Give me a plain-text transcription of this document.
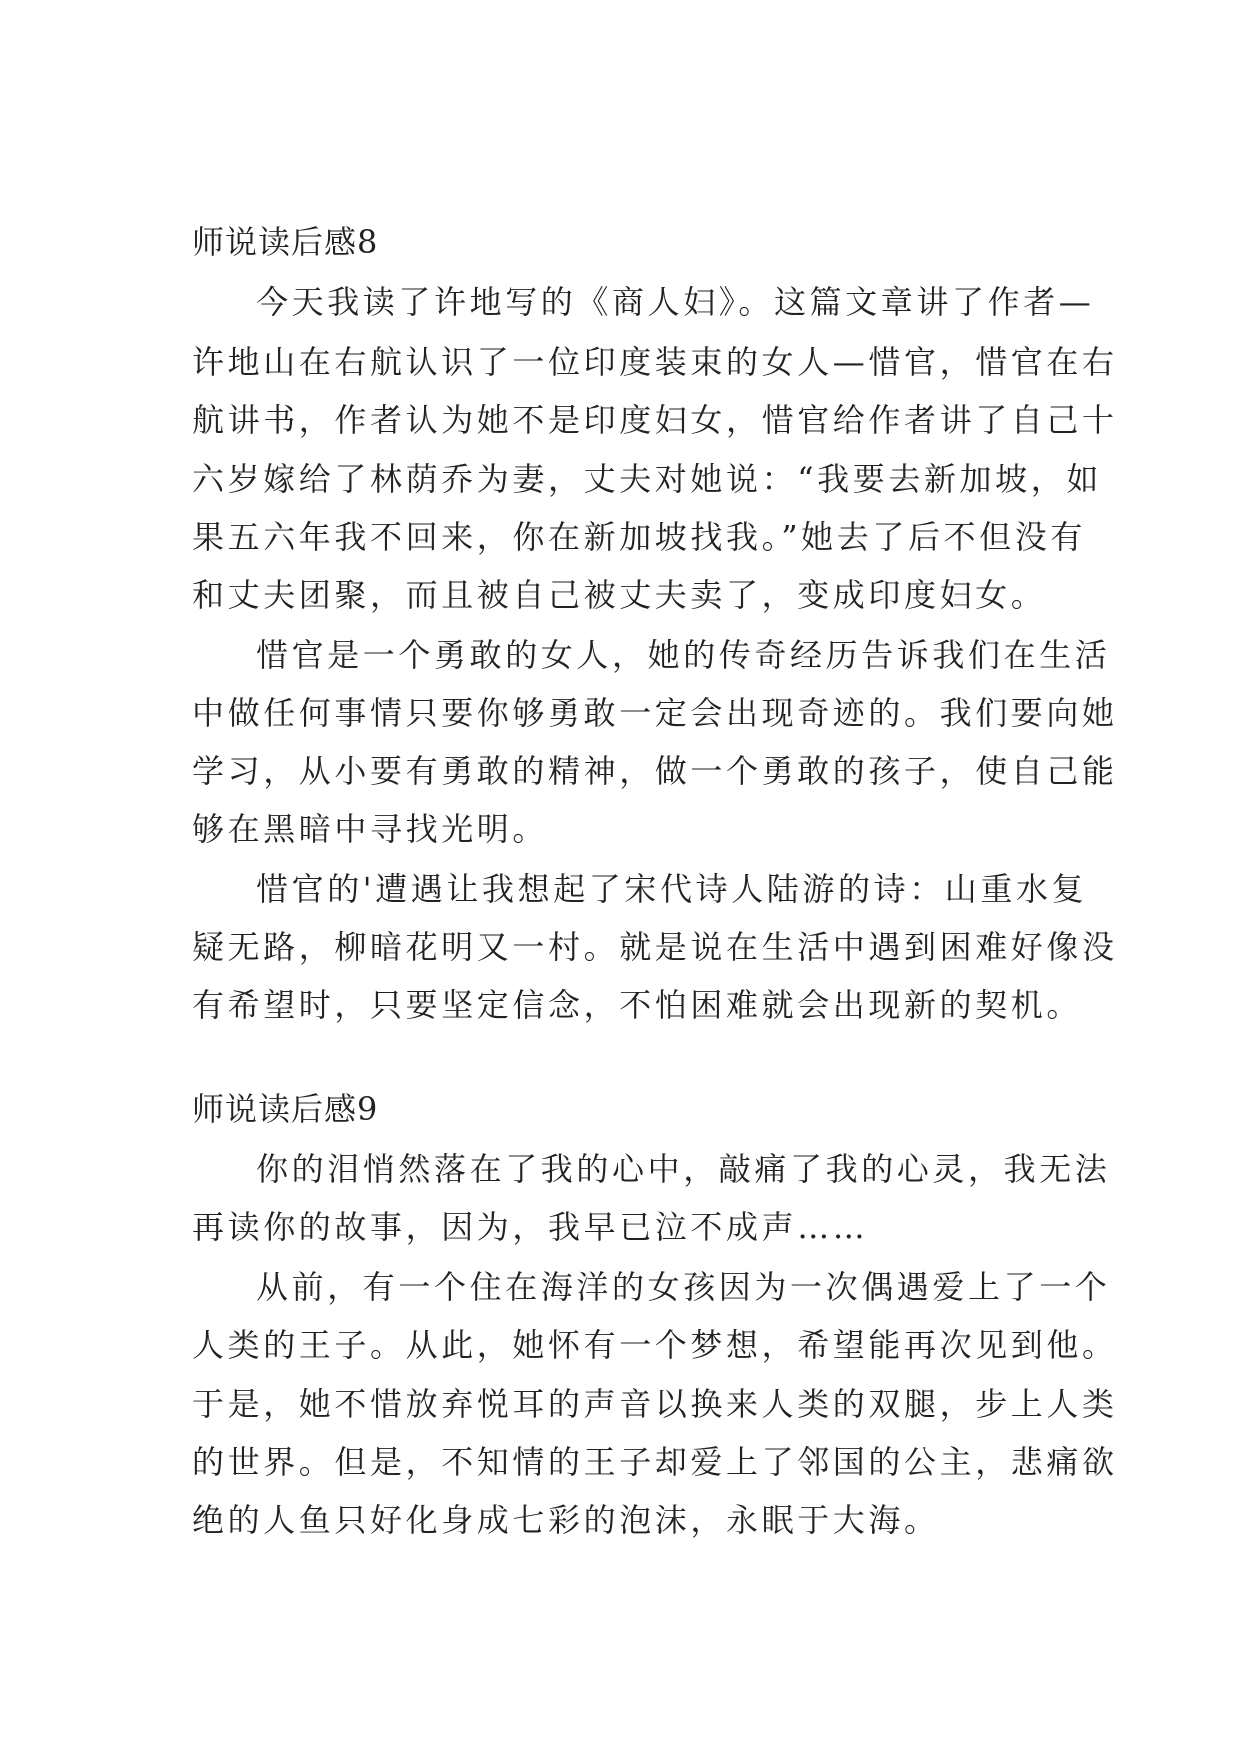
师说读后感8
今天我读了许地写的《商人妇》。这篇文章讲了作者—
许地山在右航认识了一位印度装束的女人—惜官，惜官在右
航讲书，作者认为她不是印度妇女，惜官给作者讲了自己十
六岁嫁给了林荫乔为妻，丈夫对她说：“我要去新加坡，如
果五六年我不回来，你在新加坡找我。”她去了后不但没有
和丈夫团聚，而且被自己被丈夫卖了，变成印度妇女。
惜官是一个勇敢的女人，她的传奇经历告诉我们在生活
中做任何事情只要你够勇敢一定会出现奇迹的。我们要向她
学习，从小要有勇敢的精神，做一个勇敢的孩子，使自己能
够在黑暗中寻找光明。
惜官的'遭遇让我想起了宋代诗人陆游的诗：山重水复
疑无路，柳暗花明又一村。就是说在生活中遇到困难好像没
有希望时，只要坚定信念，不怕困难就会出现新的契机。
师说读后感9
你的泪悄然落在了我的心中，敲痛了我的心灵，我无法
再读你的故事，因为，我早已泣不成声……
从前，有一个住在海洋的女孩因为一次偶遇爱上了一个
人类的王子。从此，她怀有一个梦想，希望能再次见到他。
于是，她不惜放弃悦耳的声音以换来人类的双腿，步上人类
的世界。但是，不知情的王子却爱上了邻国的公主，悲痛欲
绝的人鱼只好化身成七彩的泡沫，永眠于大海。
